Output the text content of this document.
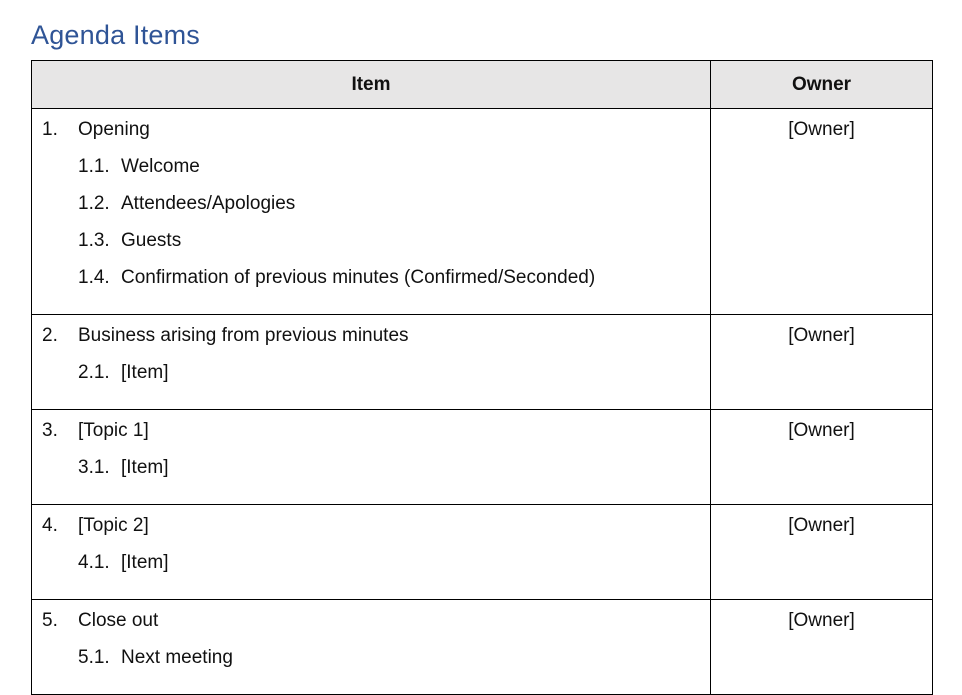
Agenda Items
Item	Owner
1.	Opening
1.1. Welcome
1.2. Attendees/Apologies
1.3. Guests
1.4. Confirmation of previous minutes (Confirmed/Seconded)
[Owner]
2.	Business arising from previous minutes
2.1. [Item]
[Owner]
3.	[Topic 1]
3.1. [Item]
[Owner]
4.	[Topic 2]
4.1. [Item]
[Owner]
5.	Close out
5.1. Next meeting
[Owner]
